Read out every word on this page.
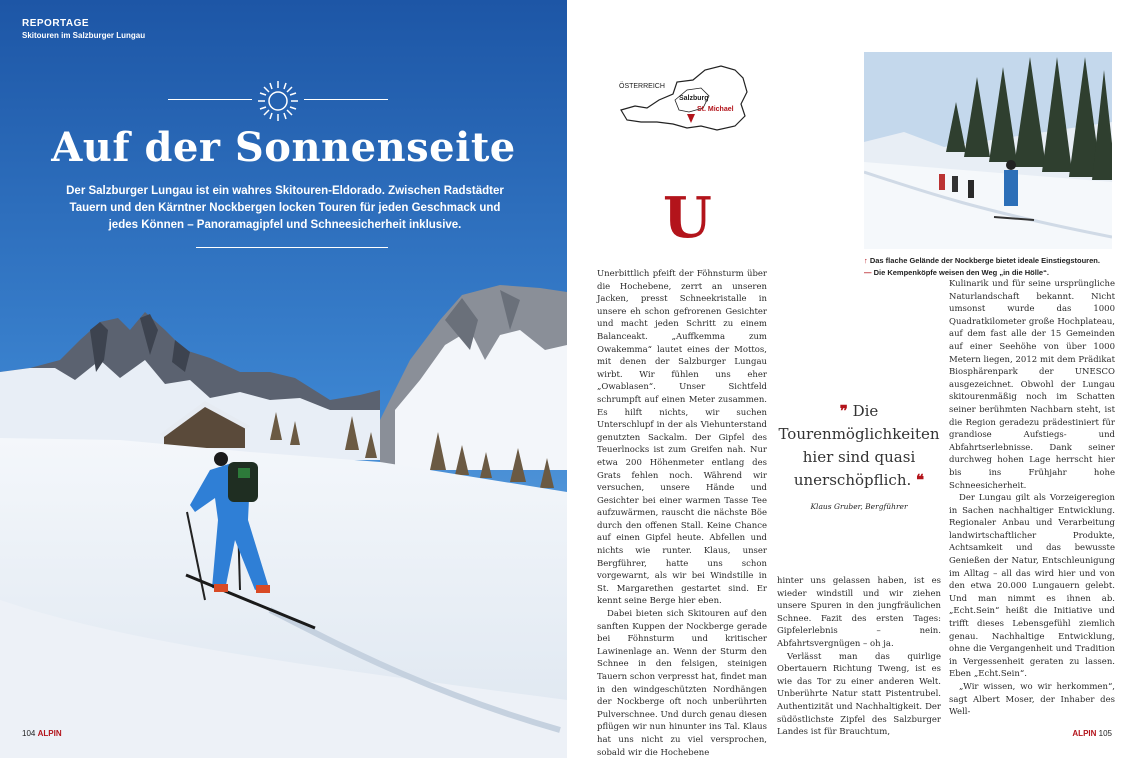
REPORTAGE
Skitouren im Salzburger Lungau
Auf der Sonnenseite
Der Salzburger Lungau ist ein wahres Skitouren-Eldorado. Zwischen Radstädter Tauern und den Kärntner Nockbergen locken Touren für jeden Geschmack und jedes Können – Panoramagipfel und Schneesicherheit inklusive.
104 ALPIN
ÖSTERREICH
Salzburg
St. Michael
↑ Das flache Gelände der Nockberge bietet ideale Einstiegstouren.
— Die Kempenköpfe weisen den Weg „in die Hölle“.
U

Unerbittlich pfeift der Föhnsturm über die Hochebene, zerrt an unseren Jacken, presst Schneekristalle in unsere eh schon gefrorenen Gesichter und macht jeden Schritt zu einem Balanceakt. „Auffkemma zum Owakemma“ lautet eines der Mottos, mit denen der Salzburger Lungau wirbt. Wir fühlen uns eher „Owablasen“. Unser Sichtfeld schrumpft auf einen Meter zusammen. Es hilft nichts, wir suchen Unterschlupf in der als Viehunterstand genutzten Sackalm. Der Gipfel des Teuerlnocks ist zum Greifen nah. Nur etwa 200 Höhenmeter entlang des Grats fehlen noch. Während wir versuchen, unsere Hände und Gesichter bei einer warmen Tasse Tee aufzuwärmen, rauscht die nächste Böe durch den offenen Stall. Keine Chance auf einen Gipfel heute. Abfellen und nichts wie runter. Klaus, unser Bergführer, hatte uns schon vorgewarnt, als wir bei Windstille in St. Margarethen gestartet sind. Er kennt seine Berge hier eben.

Dabei bieten sich Skitouren auf den sanften Kuppen der Nockberge gerade bei Föhnsturm und kritischer Lawinenlage an. Wenn der Sturm den Schnee in den felsigen, steinigen Tauern schon verpresst hat, findet man in den windgeschützten Nordhängen der Nockberge oft noch unberührten Pulverschnee. Und durch genau diesen pflügen wir nun hinunter ins Tal. Klaus hat uns nicht zu viel versprochen, sobald wir die Hochebene

❞ Die Tourenmöglichkeiten hier sind quasi unerschöpflich. ❝
Klaus Gruber, Bergführer

hinter uns gelassen haben, ist es wieder windstill und wir ziehen unsere Spuren in den jungfräulichen Schnee. Fazit des ersten Tages: Gipfelerlebnis – nein. Abfahrtsvergnügen – oh ja.

Verlässt man das quirlige Obertauern Richtung Tweng, ist es wie das Tor zu einer anderen Welt. Unberührte Natur statt Pistentrubel. Authentizität und Nachhaltigkeit. Der südöstlichste Zipfel des Salzburger Landes ist für Brauchtum,

Kulinarik und für seine ursprüngliche Naturlandschaft bekannt. Nicht umsonst wurde das 1000 Quadratkilometer große Hochplateau, auf dem fast alle der 15 Gemeinden auf einer Seehöhe von über 1000 Metern liegen, 2012 mit dem Prädikat Biosphärenpark der UNESCO ausgezeichnet. Obwohl der Lungau skitourenmäßig noch im Schatten seiner berühmten Nachbarn steht, ist die Region geradezu prädestiniert für grandiose Aufstiegs- und Abfahrtserlebnisse. Dank seiner durchweg hohen Lage herrscht hier bis ins Frühjahr hohe Schneesicherheit.

Der Lungau gilt als Vorzeigeregion in Sachen nachhaltiger Entwicklung. Regionaler Anbau und Verarbeitung landwirtschaftlicher Produkte, Achtsamkeit und das bewusste Genießen der Natur, Entschleunigung im Alltag – all das wird hier und von den etwa 20.000 Lungauern gelebt. Und man nimmt es ihnen ab. „Echt.Sein“ heißt die Initiative und trifft dieses Lebensgefühl ziemlich genau. Nachhaltige Entwicklung, ohne die Vergangenheit und Tradition in Vergessenheit geraten zu lassen. Eben „Echt.Sein“.

„Wir wissen, wo wir herkommen“, sagt Albert Moser, der Inhaber des Well-

ALPIN 105
